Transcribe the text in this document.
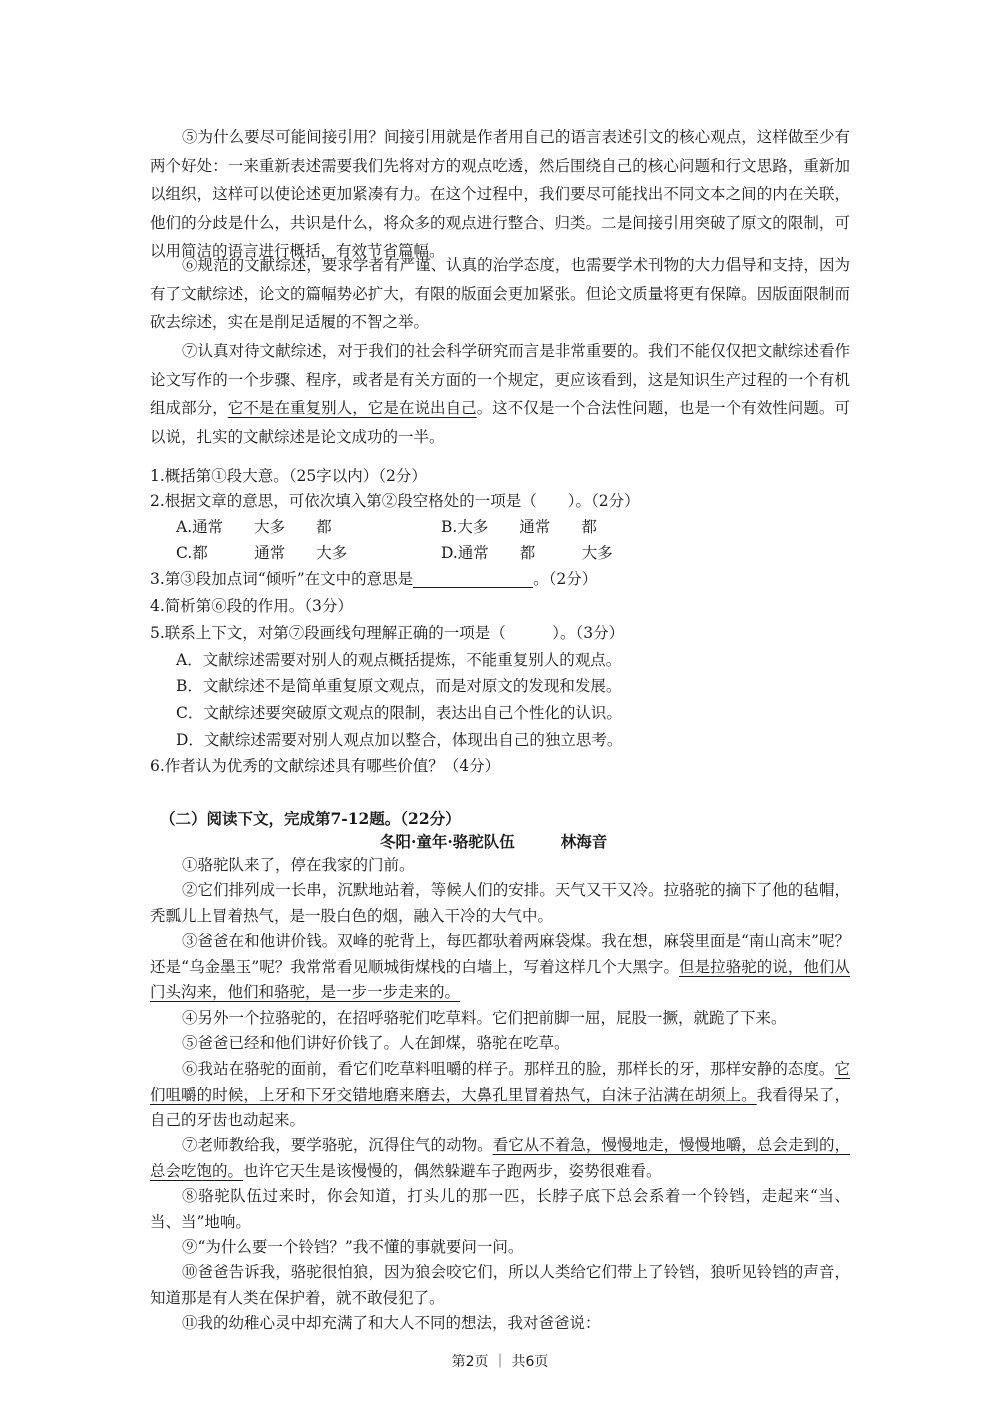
⑤为什么要尽可能间接引用？间接引用就是作者用自己的语言表述引文的核心观点，这样做至少有两个好处：一来重新表述需要我们先将对方的观点吃透，然后围绕自己的核心问题和行文思路，重新加以组织，这样可以使论述更加紧凑有力。在这个过程中，我们要尽可能找出不同文本之间的内在关联，他们的分歧是什么，共识是什么，将众多的观点进行整合、归类。二是间接引用突破了原文的限制，可以用简洁的语言进行概括，有效节省篇幅。

⑥规范的文献综述，要求学者有严谨、认真的治学态度，也需要学术刊物的大力倡导和支持，因为有了文献综述，论文的篇幅势必扩大，有限的版面会更加紧张。但论文质量将更有保障。因版面限制而砍去综述，实在是削足适履的不智之举。

⑦认真对待文献综述，对于我们的社会科学研究而言是非常重要的。我们不能仅仅把文献综述看作论文写作的一个步骤、程序，或者是有关方面的一个规定，更应该看到，这是知识生产过程的一个有机组成部分，它不是在重复别人，它是在说出自己。这不仅是一个合法性问题，也是一个有效性问题。可以说，扎实的文献综述是论文成功的一半。

1.概括第①段大意。（25字以内）（2分）

2.根据文章的意思，可依次填入第②段空格处的一项是（　　）。（2分）

A.通常　　大多　　都	B.大多　　通常　　都

C.都　　　通常　　大多	D.通常　　都　　　大多

3.第③段加点词“倾听”在文中的意思是	。（2分）

4.简析第⑥段的作用。（3分）

5.联系上下文，对第⑦段画线句理解正确的一项是（　　　）。（3分）

A．文献综述需要对别人的观点概括提炼，不能重复别人的观点。

B．文献综述不是简单重复原文观点，而是对原文的发现和发展。

C．文献综述要突破原文观点的限制，表达出自己个性化的认识。

D．文献综述需要对别人观点加以整合，体现出自己的独立思考。

6.作者认为优秀的文献综述具有哪些价值？（4分）

（二）阅读下文，完成第7-12题。（22分）

冬阳·童年·骆驼队伍	林海音

①骆驼队来了，停在我家的门前。

②它们排列成一长串，沉默地站着，等候人们的安排。天气又干又冷。拉骆驼的摘下了他的毡帽，秃瓢儿上冒着热气，是一股白色的烟，融入干冷的大气中。

③爸爸在和他讲价钱。双峰的驼背上，每匹都驮着两麻袋煤。我在想，麻袋里面是“南山高末”呢？还是“乌金墨玉”呢？我常常看见顺城街煤栈的白墙上，写着这样几个大黑字。但是拉骆驼的说，他们从门头沟来，他们和骆驼，是一步一步走来的。

④另外一个拉骆驼的，在招呼骆驼们吃草料。它们把前脚一屈，屁股一撅，就跪了下来。

⑤爸爸已经和他们讲好价钱了。人在卸煤，骆驼在吃草。

⑥我站在骆驼的面前，看它们吃草料咀嚼的样子。那样丑的脸，那样长的牙，那样安静的态度。它们咀嚼的时候，上牙和下牙交错地磨来磨去，大鼻孔里冒着热气，白沫子沾满在胡须上。我看得呆了，自己的牙齿也动起来。

⑦老师教给我，要学骆驼，沉得住气的动物。看它从不着急，慢慢地走，慢慢地嚼，总会走到的，总会吃饱的。也许它天生是该慢慢的，偶然躲避车子跑两步，姿势很难看。

⑧骆驼队伍过来时，你会知道，打头儿的那一匹，长脖子底下总会系着一个铃铛，走起来“当、当、当”地响。

⑨“为什么要一个铃铛？”我不懂的事就要问一问。

⑩爸爸告诉我，骆驼很怕狼，因为狼会咬它们，所以人类给它们带上了铃铛，狼听见铃铛的声音，知道那是有人类在保护着，就不敢侵犯了。

⑪我的幼稚心灵中却充满了和大人不同的想法，我对爸爸说：

第2页 ｜ 共6页
